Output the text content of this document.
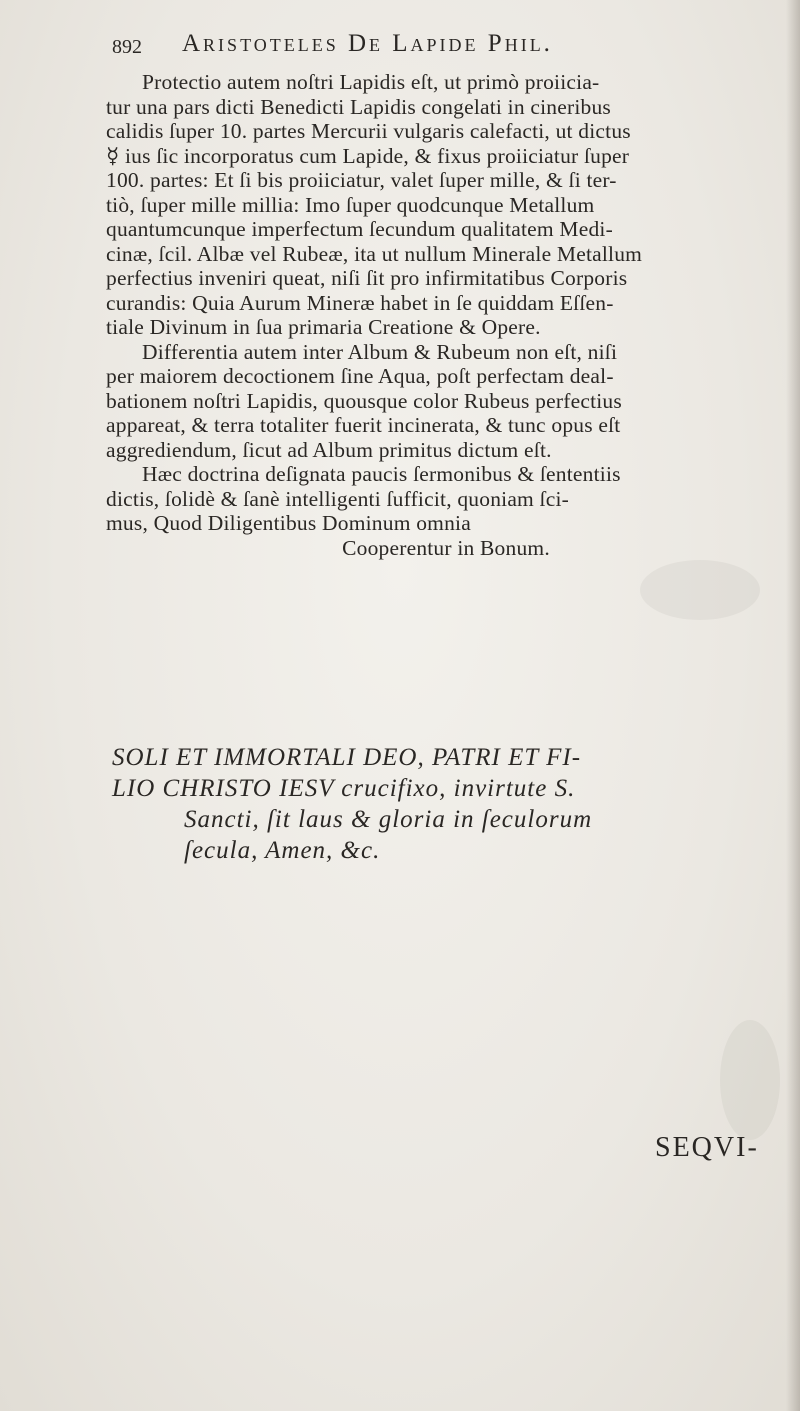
892 Aristoteles De Lapide Phil.
Protectio autem noſtri Lapidis eſt, ut primò proiicia-
tur una pars dicti Benedicti Lapidis congelati in cineribus
calidis ſuper 10. partes Mercurii vulgaris calefacti, ut dictus
☿ ius ſic incorporatus cum Lapide, & fixus proiiciatur ſuper
100. partes: Et ſi bis proiiciatur, valet ſuper mille, & ſi ter-
tiò, ſuper mille millia: Imo ſuper quodcunque Metallum
quantumcunque imperfectum ſecundum qualitatem Medi-
cinæ, ſcil. Albæ vel Rubeæ, ita ut nullum Minerale Metallum
perfectius inveniri queat, niſi ſit pro infirmitatibus Corporis
curandis: Quia Aurum Mineræ habet in ſe quiddam Eſſen-
tiale Divinum in ſua primaria Creatione & Opere.
Differentia autem inter Album & Rubeum non eſt, niſi
per maiorem decoctionem ſine Aqua, poſt perfectam deal-
bationem noſtri Lapidis, quousque color Rubeus perfectius
appareat, & terra totaliter fuerit incinerata, & tunc opus eſt
aggrediendum, ſicut ad Album primitus dictum eſt.
Hæc doctrina deſignata paucis ſermonibus & ſententiis
dictis, ſolidè & ſanè intelligenti ſufficit, quoniam ſci-
mus, Quod Diligentibus Dominum omnia
Cooperentur in Bonum.
SOLI ET IMMORTALI DEO, PATRI ET FI-
LIO CHRISTO IESV crucifixo, invirtute S.
Sancti, ſit laus & gloria in ſeculorum
ſecula, Amen, &c.
SEQVI-
